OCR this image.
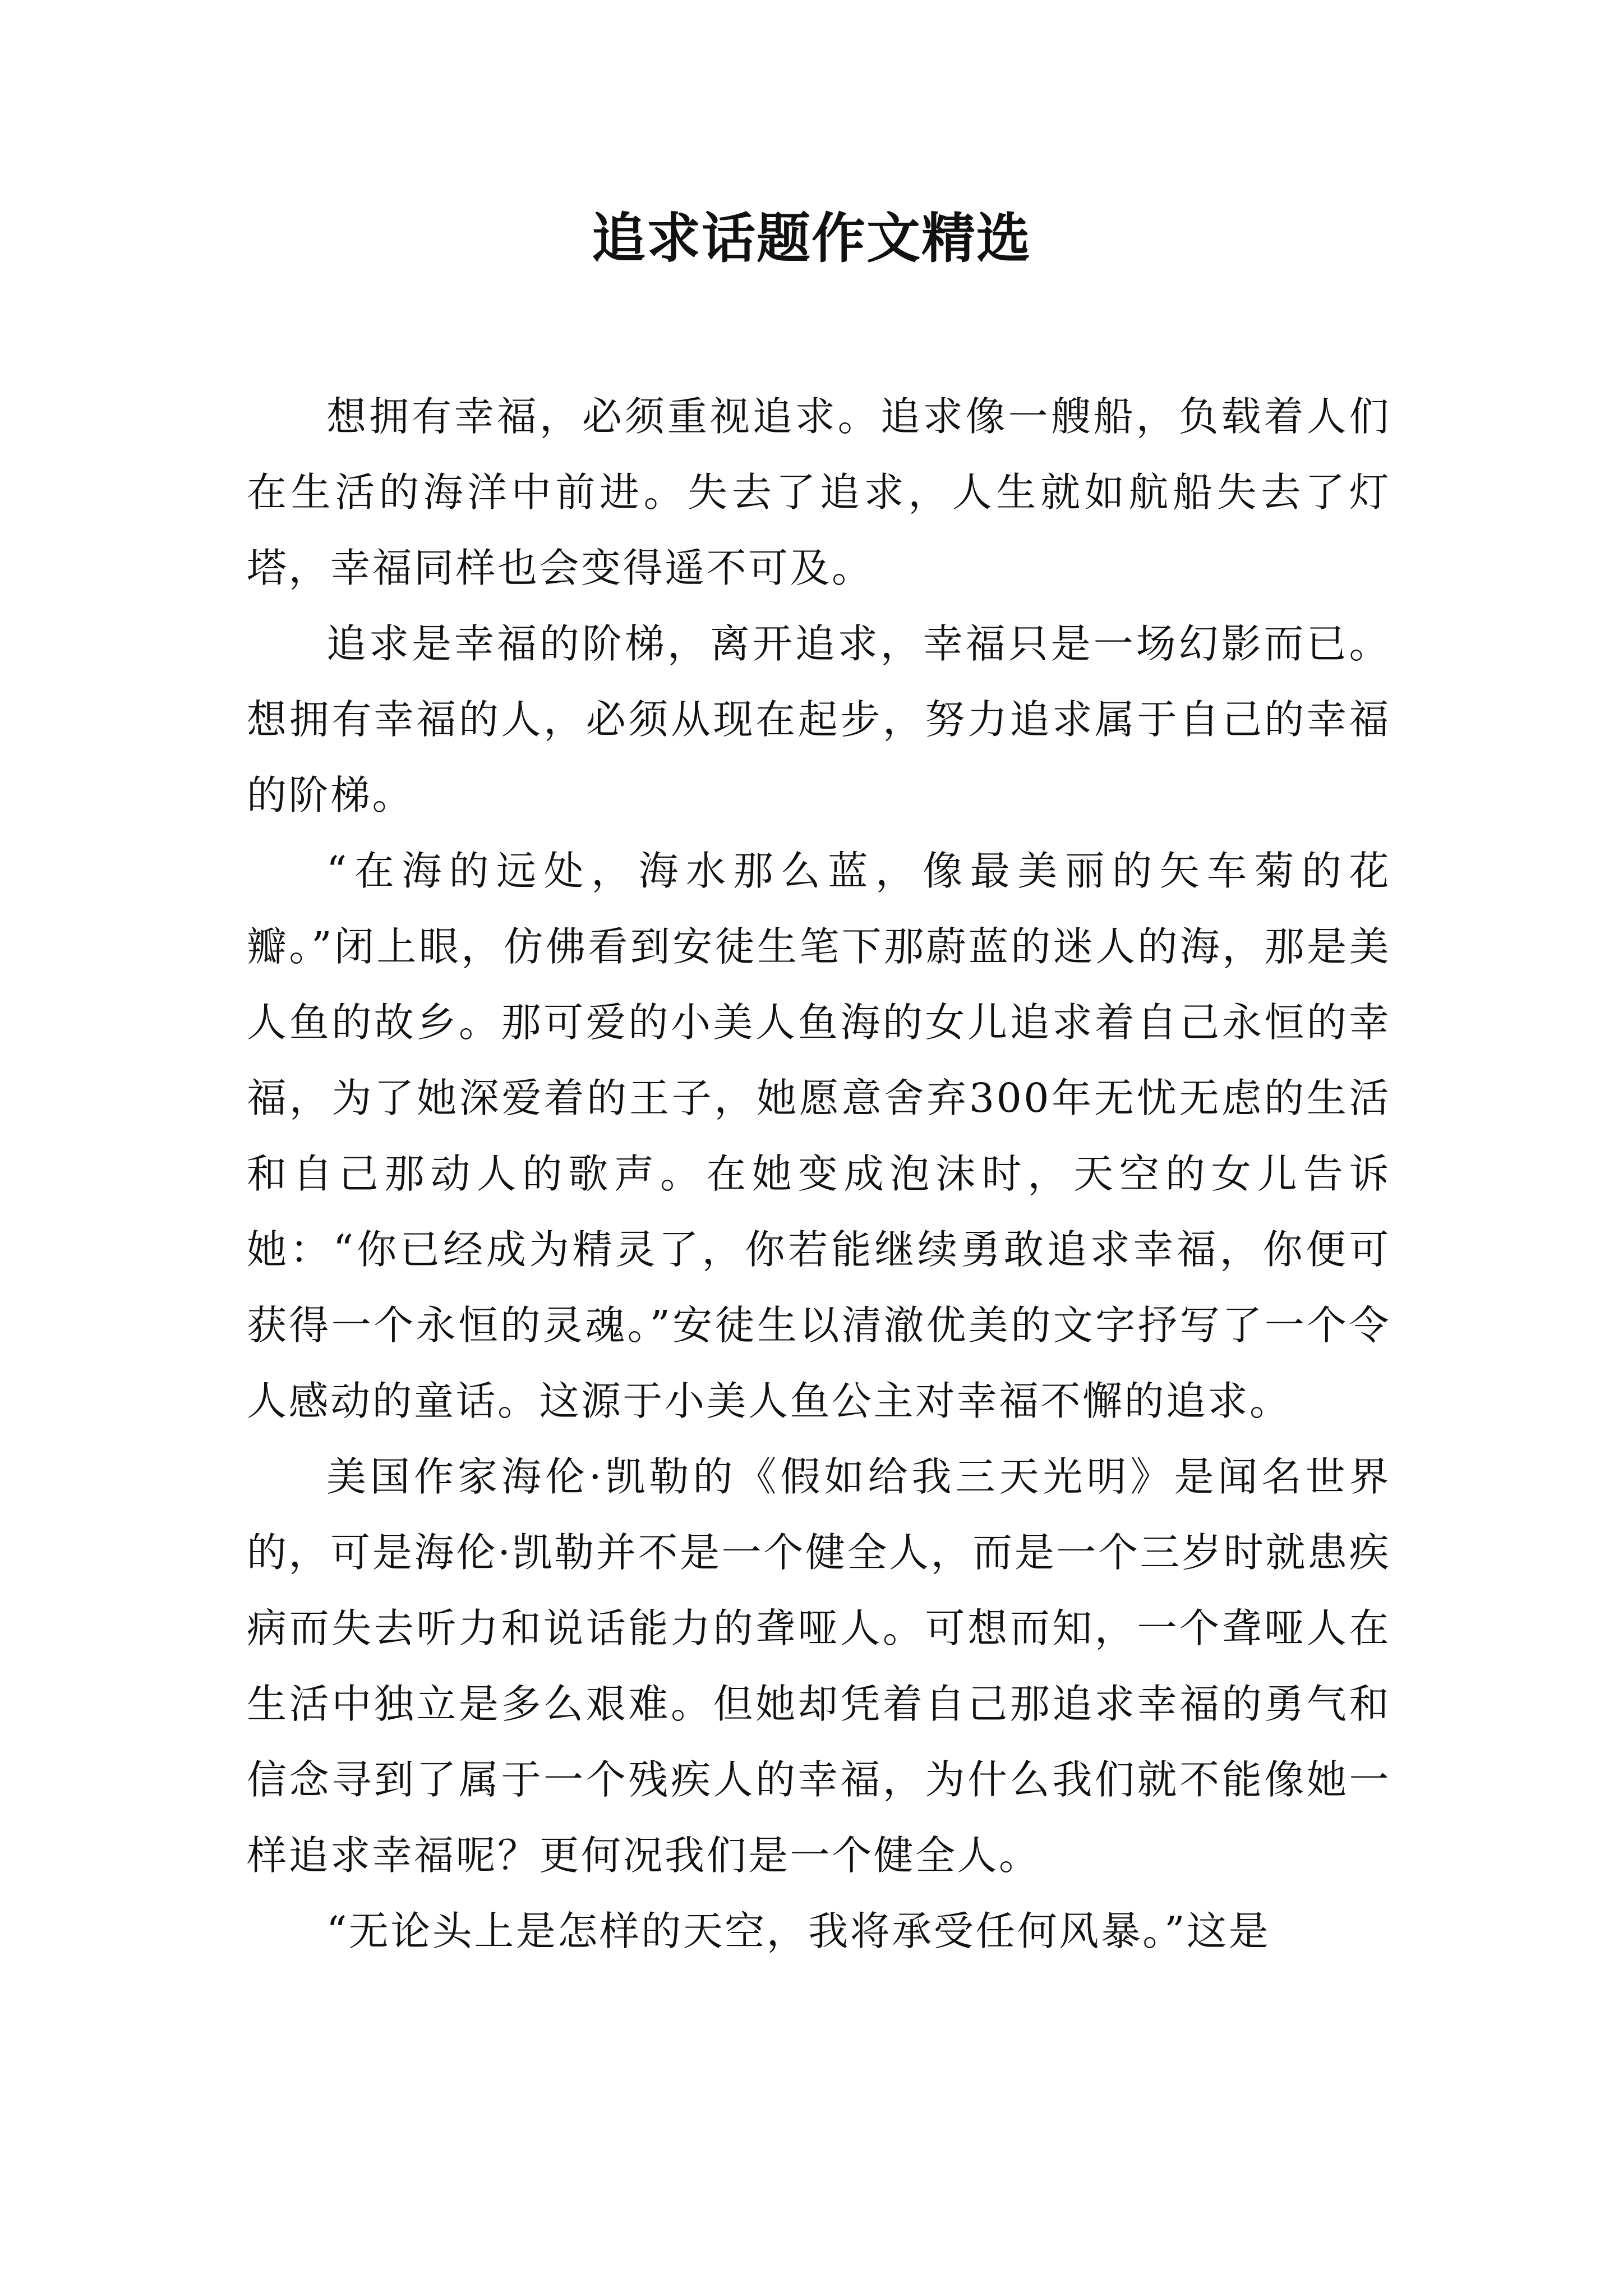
追求话题作文精选

想拥有幸福，必须重视追求。追求像一艘船，负载着人们在生活的海洋中前进。失去了追求，人生就如航船失去了灯塔，幸福同样也会变得遥不可及。

追求是幸福的阶梯，离开追求，幸福只是一场幻影而已。想拥有幸福的人，必须从现在起步，努力追求属于自己的幸福的阶梯。

“在海的远处，海水那么蓝，像最美丽的矢车菊的花瓣。”闭上眼，仿佛看到安徒生笔下那蔚蓝的迷人的海，那是美人鱼的故乡。那可爱的小美人鱼海的女儿追求着自己永恒的幸福，为了她深爱着的王子，她愿意舍弃300年无忧无虑的生活和自己那动人的歌声。在她变成泡沫时，天空的女儿告诉她：“你已经成为精灵了，你若能继续勇敢追求幸福，你便可获得一个永恒的灵魂。”安徒生以清澈优美的文字抒写了一个令人感动的童话。这源于小美人鱼公主对幸福不懈的追求。

美国作家海伦·凯勒的《假如给我三天光明》是闻名世界的，可是海伦·凯勒并不是一个健全人，而是一个三岁时就患疾病而失去听力和说话能力的聋哑人。可想而知，一个聋哑人在生活中独立是多么艰难。但她却凭着自己那追求幸福的勇气和信念寻到了属于一个残疾人的幸福，为什么我们就不能像她一样追求幸福呢？更何况我们是一个健全人。

“无论头上是怎样的天空，我将承受任何风暴。”这是
